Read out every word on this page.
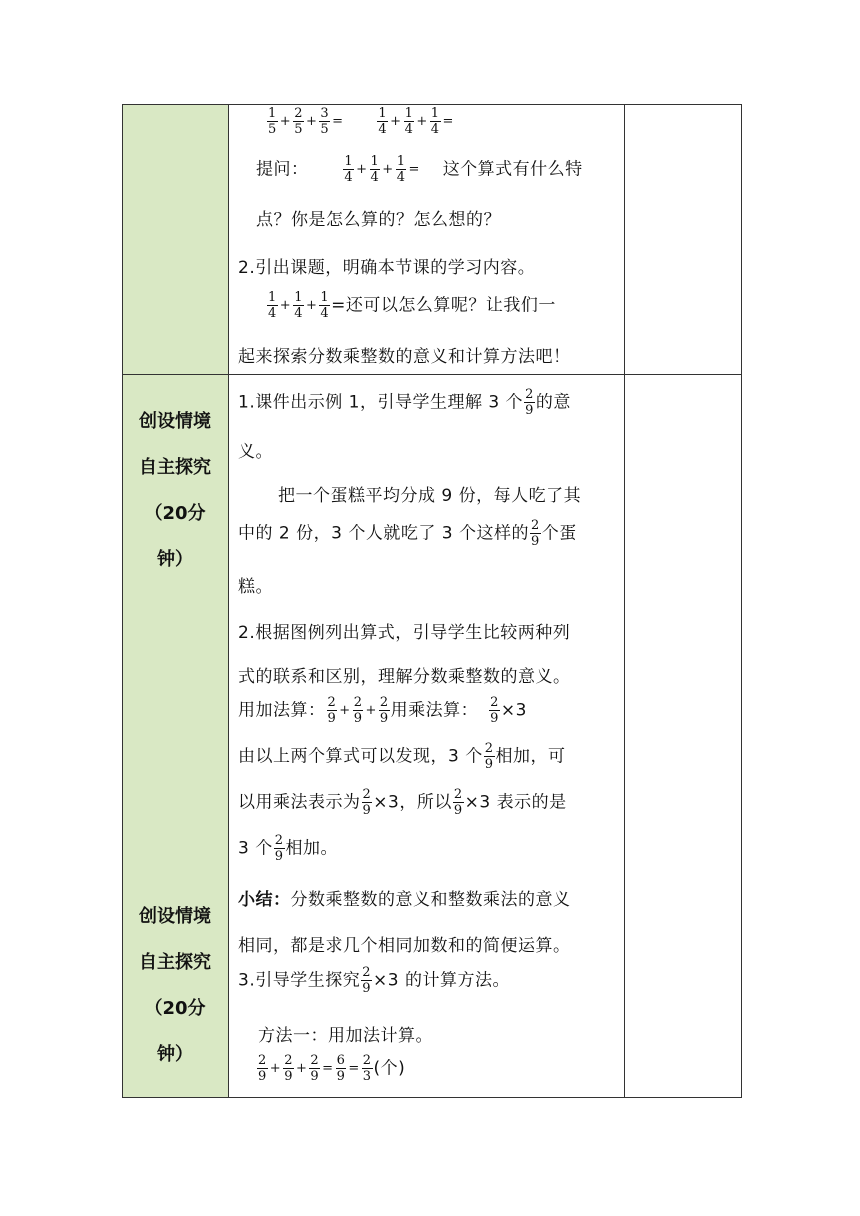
创设情境
自主探究
（20分
钟）
创设情境
自主探究
（20分
钟）
$\frac{1}{5} + \frac{2}{5} + \frac{3}{5}$ =	$\frac{1}{4} + \frac{1}{4} + \frac{1}{4}$ =
提问：	$\frac{1}{4} + \frac{1}{4} + \frac{1}{4}$ = 这个算式有什么特
点？你是怎么算的？怎么想的？
2.引出课题，明确本节课的学习内容。
$\frac{1}{4} + \frac{1}{4} + \frac{1}{4}$ =还可以怎么算呢？让我们一
起来探索分数乘整数的意义和计算方法吧！
1.课件出示例 1，引导学生理解 3 个 $\frac{2}{9}$ 的意
义。
把一个蛋糕平均分成 9 份，每人吃了其
中的 2 份，3 个人就吃了 3 个这样的 $\frac{2}{9}$ 个蛋
糕。
2.根据图例列出算式，引导学生比较两种列
式的联系和区别，理解分数乘整数的意义。
用加法算： $\frac{2}{9} + \frac{2}{9} + \frac{2}{9}$ 用乘法算： $\frac{2}{9} \times 3$
由以上两个算式可以发现，3 个 $\frac{2}{9}$ 相加，可
以用乘法表示为 $\frac{2}{9} \times 3$，所以 $\frac{2}{9} \times 3$ 表示的是
3 个 $\frac{2}{9}$ 相加。
小结：分数乘整数的意义和整数乘法的意义
相同，都是求几个相同加数和的简便运算。
3.引导学生探究 $\frac{2}{9} \times 3$ 的计算方法。
方法一：用加法计算。
$\frac{2}{9} + \frac{2}{9} + \frac{2}{9} = \frac{6}{9} = \frac{2}{3}$ (个)
